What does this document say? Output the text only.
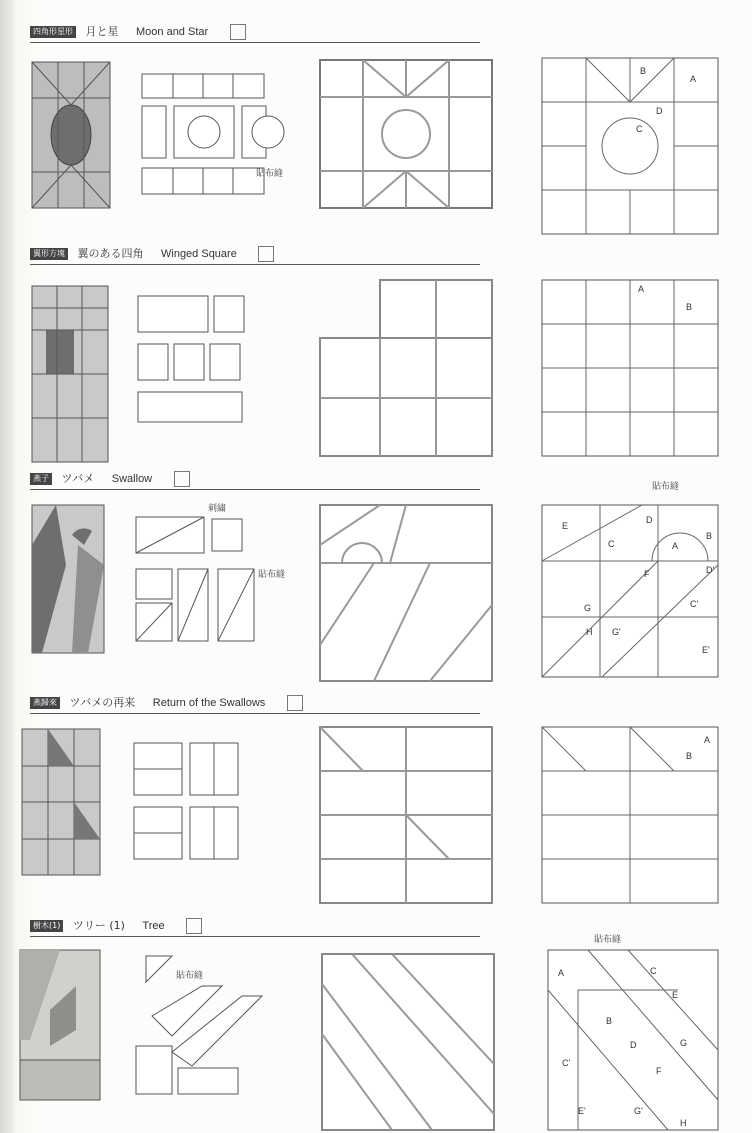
四角形星形 月と星 Moon and Star
貼布縫
B
A
D
C
翼形方塊 翼のある四角 Winged Square
A
B
燕子 ツバメ Swallow
貼布縫
刺繍
貼布縫
E
C
D
A
B
F	D'
C'
G
H G'
E'
燕歸來 ツバメの再来 Return of the Swallows
A
B
樹木(1) ツリー (1) Tree
貼布縫
貼布縫	A	C
E
B
D	G
C'
F
E'	G'
H
